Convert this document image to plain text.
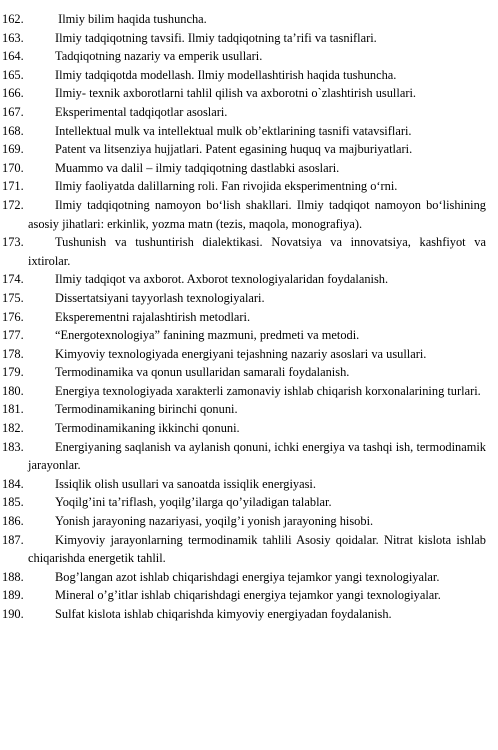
162.	Ilmiy bilim haqida tushuncha.
163.	Ilmiy tadqiqotning tavsifi. Ilmiy tadqiqotning ta’rifi va tasniflari.
164.	Tadqiqotning nazariy va emperik usullari.
165.	Ilmiy tadqiqotda modellash. Ilmiy modellashtirish haqida tushuncha.
166.	Ilmiy- texnik axborotlarni tahlil qilish va axborotni o`zlashtirish usullari.
167.	Eksperimental tadqiqotlar asoslari.
168.	Intellektual mulk va intellektual mulk ob’ektlarining tasnifi vatavsiflari.
169.	Patent va litsenziya hujjatlari. Patent egasining huquq va majburiyatlari.
170.	Muammo va dalil – ilmiy tadqiqotning dastlabki asoslari.
171.	Ilmiy faoliyatda dalillarning roli. Fan rivojida eksperimentning o‘rni.
172.	Ilmiy tadqiqotning namoyon bo‘lish shakllari. Ilmiy tadqiqot namoyon bo‘lishining asosiy jihatlari: erkinlik, yozma matn (tezis, maqola, monografiya).
173.	Tushunish va tushuntirish dialektikasi. Novatsiya va innovatsiya, kashfiyot va ixtirolar.
174.	Ilmiy tadqiqot va axborot. Axborot texnologiyalaridan foydalanish.
175.	Dissertatsiyani tayyorlash texnologiyalari.
176.	Eksperementni rajalashtirish metodlari.
177.	“Energotexnologiya” fanining mazmuni, predmeti va metodi.
178.	Kimyoviy texnologiyada energiyani tejashning nazariy asoslari va usullari.
179.	Termodinamika va qonun usullaridan samarali foydalanish.
180.	Energiya texnologiyada xarakterli zamonaviy ishlab chiqarish korxonalarining turlari.
181.	Termodinamikaning birinchi qonuni.
182.	Termodinamikaning ikkinchi qonuni.
183.	Energiyaning saqlanish va aylanish qonuni, ichki energiya va tashqi ish, termodinamik jarayonlar.
184.	Issiqlik olish usullari va sanoatda issiqlik energiyasi.
185.	Yoqilg’ini ta’riflash, yoqilg’ilarga qo’yiladigan talablar.
186.	Yonish jarayoning nazariyasi, yoqilg’i yonish jarayoning hisobi.
187.	Kimyoviy jarayonlarning termodinamik tahlili Asosiy qoidalar. Nitrat kislota ishlab chiqarishda energetik tahlil.
188.	Bog’langan azot ishlab chiqarishdagi energiya tejamkor yangi texnologiyalar.
189.	Mineral o’g’itlar ishlab chiqarishdagi energiya tejamkor yangi texnologiyalar.
190.	Sulfat kislota ishlab chiqarishda kimyoviy energiyadan foydalanish.
